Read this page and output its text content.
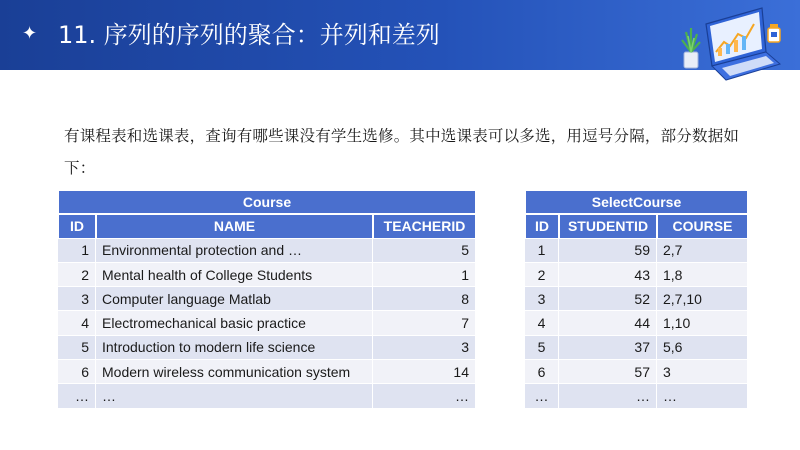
✦ 11. 序列的序列的聚合：并列和差列

有课程表和选课表，查询有哪些课没有学生选修。其中选课表可以多选，用逗号分隔，部分数据如下：

Course		
ID	NAME	TEACHERID
1	Environmental protection and …	5
2	Mental health of College Students	1
3	Computer language Matlab	8
4	Electromechanical basic practice	7
5	Introduction to modern life science	3
6	Modern wireless communication system	14
…	…	…
SelectCourse		
ID	STUDENTID	COURSE
1	59	2,7
2	43	1,8
3	52	2,7,10
4	44	1,10
5	37	5,6
6	57	3
…	…	…
